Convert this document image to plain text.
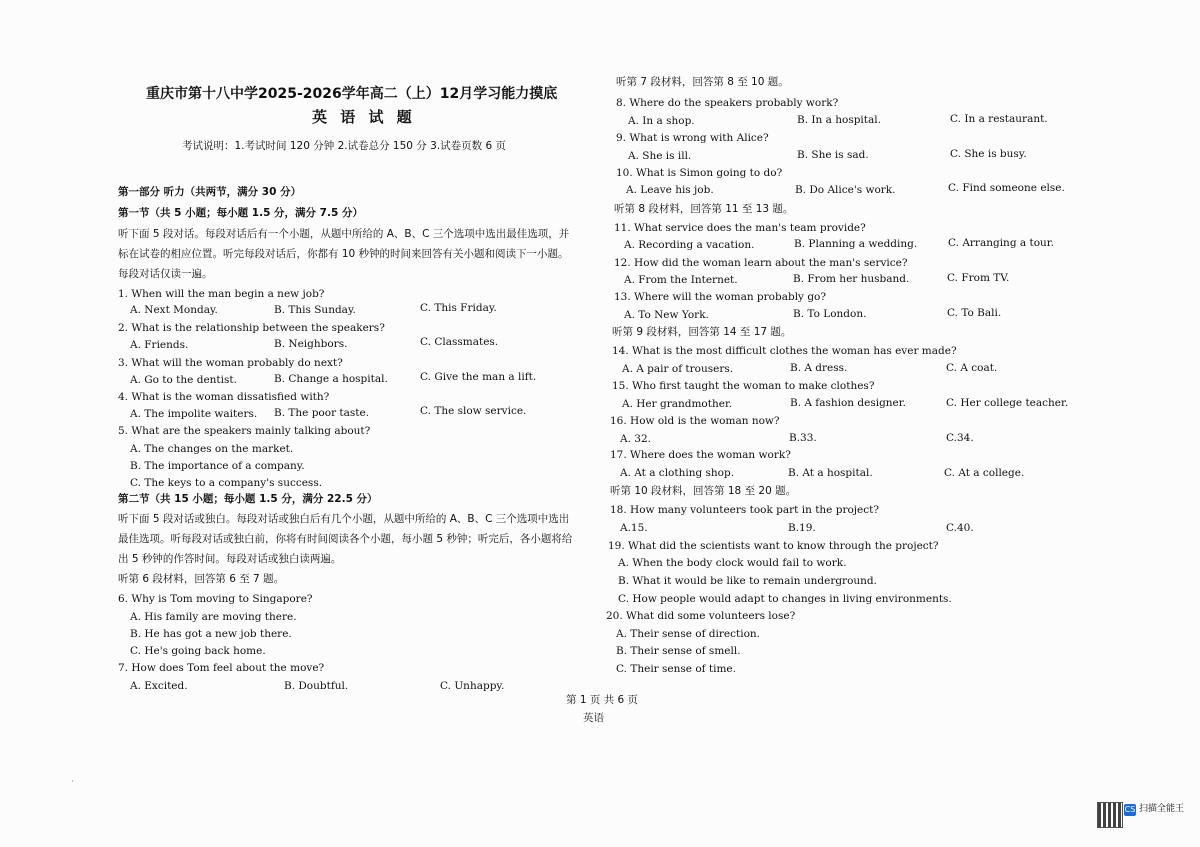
重庆市第十八中学2025-2026学年高二（上）12月学习能力摸底
英 语 试 题
考试说明：1.考试时间 120 分钟 2.试卷总分 150 分 3.试卷页数 6 页
第一部分 听力（共两节，满分 30 分）
第一节（共 5 小题；每小题 1.5 分，满分 7.5 分）
听下面 5 段对话。每段对话后有一个小题，从题中所给的 A、B、C 三个选项中选出最佳选项，并
标在试卷的相应位置。听完每段对话后，你都有 10 秒钟的时间来回答有关小题和阅读下一小题。
每段对话仅读一遍。
1. When will the man begin a new job?
A. Next Monday.	B. This Sunday.	C. This Friday.
2. What is the relationship between the speakers?
A. Friends.	B. Neighbors.	C. Classmates.
3. What will the woman probably do next?
A. Go to the dentist.	B. Change a hospital.	C. Give the man a lift.
4. What is the woman dissatisfied with?
A. The impolite waiters. B. The poor taste.	C. The slow service.
5. What are the speakers mainly talking about?
A. The changes on the market.
B. The importance of a company.
C. The keys to a company's success.
第二节（共 15 小题；每小题 1.5 分，满分 22.5 分）
听下面 5 段对话或独白。每段对话或独白后有几个小题，从题中所给的 A、B、C 三个选项中选出
最佳选项。听每段对话或独白前，你将有时间阅读各个小题，每小题 5 秒钟；听完后，各小题将给
出 5 秒钟的作答时间。每段对话或独白读两遍。
听第 6 段材料，回答第 6 至 7 题。
6. Why is Tom moving to Singapore?
A. His family are moving there.
B. He has got a new job there.
C. He's going back home.
7. How does Tom feel about the move?
A. Excited.	B. Doubtful.	C. Unhappy.
听第 7 段材料，回答第 8 至 10 题。
8. Where do the speakers probably work?
A. In a shop.	B. In a hospital.	C. In a restaurant.
9. What is wrong with Alice?
A. She is ill.	B. She is sad.	C. She is busy.
10. What is Simon going to do?
A. Leave his job.	B. Do Alice's work.	C. Find someone else.
听第 8 段材料，回答第 11 至 13 题。
11. What service does the man's team provide?
A. Recording a vacation.	B. Planning a wedding.	C. Arranging a tour.
12. How did the woman learn about the man's service?
A. From the Internet.	B. From her husband.	C. From TV.
13. Where will the woman probably go?
A. To New York.	B. To London.	C. To Bali.
听第 9 段材料，回答第 14 至 17 题。
14. What is the most difficult clothes the woman has ever made?
A. A pair of trousers.	B. A dress.	C. A coat.
15. Who first taught the woman to make clothes?
A. Her grandmother.	B. A fashion designer.	C. Her college teacher.
16. How old is the woman now?
A. 32.	B.33.	C.34.
17. Where does the woman work?
A. At a clothing shop.	B. At a hospital.	C. At a college.
听第 10 段材料，回答第 18 至 20 题。
18. How many volunteers took part in the project?
A.15.	B.19.	C.40.
19. What did the scientists want to know through the project?
A. When the body clock would fail to work.
B. What it would be like to remain underground.
C. How people would adapt to changes in living environments.
20. What did some volunteers lose?
A. Their sense of direction.
B. Their sense of smell.
C. Their sense of time.
第 1 页 共 6 页
英语
CS 扫描全能王
